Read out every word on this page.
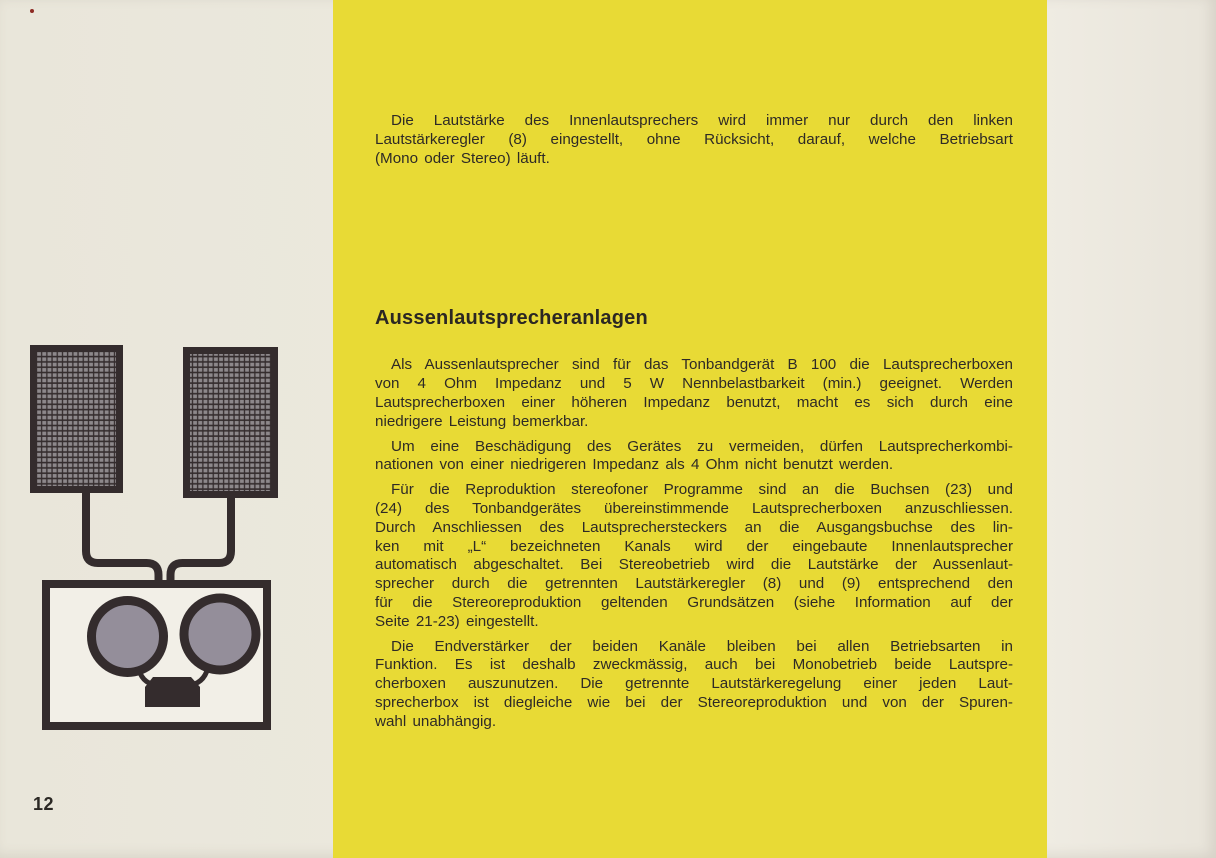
12
Die Lautstärke des Innenlautsprechers wird immer nur durch den linken
Lautstärkeregler (8) eingestellt, ohne Rücksicht, darauf, welche Betriebsart
(Mono oder Stereo) läuft.
Aussenlautsprecheranlagen
Als Aussenlautsprecher sind für das Tonbandgerät B 100 die Lautsprecherboxen
von 4 Ohm Impedanz und 5 W Nennbelastbarkeit (min.) geeignet. Werden
Lautsprecherboxen einer höheren Impedanz benutzt, macht es sich durch eine
niedrigere Leistung bemerkbar.
Um eine Beschädigung des Gerätes zu vermeiden, dürfen Lautsprecherkombi-
nationen von einer niedrigeren Impedanz als 4 Ohm nicht benutzt werden.
Für die Reproduktion stereofoner Programme sind an die Buchsen (23) und
(24) des Tonbandgerätes übereinstimmende Lautsprecherboxen anzuschliessen.
Durch Anschliessen des Lautsprechersteckers an die Ausgangsbuchse des lin-
ken mit „L“ bezeichneten Kanals wird der eingebaute Innenlautsprecher
automatisch abgeschaltet. Bei Stereobetrieb wird die Lautstärke der Aussenlaut-
sprecher durch die getrennten Lautstärkeregler (8) und (9) entsprechend den
für die Stereoreproduktion geltenden Grundsätzen (siehe Information auf der
Seite 21-23) eingestellt.
Die Endverstärker der beiden Kanäle bleiben bei allen Betriebsarten in
Funktion. Es ist deshalb zweckmässig, auch bei Monobetrieb beide Lautspre-
cherboxen auszunutzen. Die getrennte Lautstärkeregelung einer jeden Laut-
sprecherbox ist diegleiche wie bei der Stereoreproduktion und von der Spuren-
wahl unabhängig.
